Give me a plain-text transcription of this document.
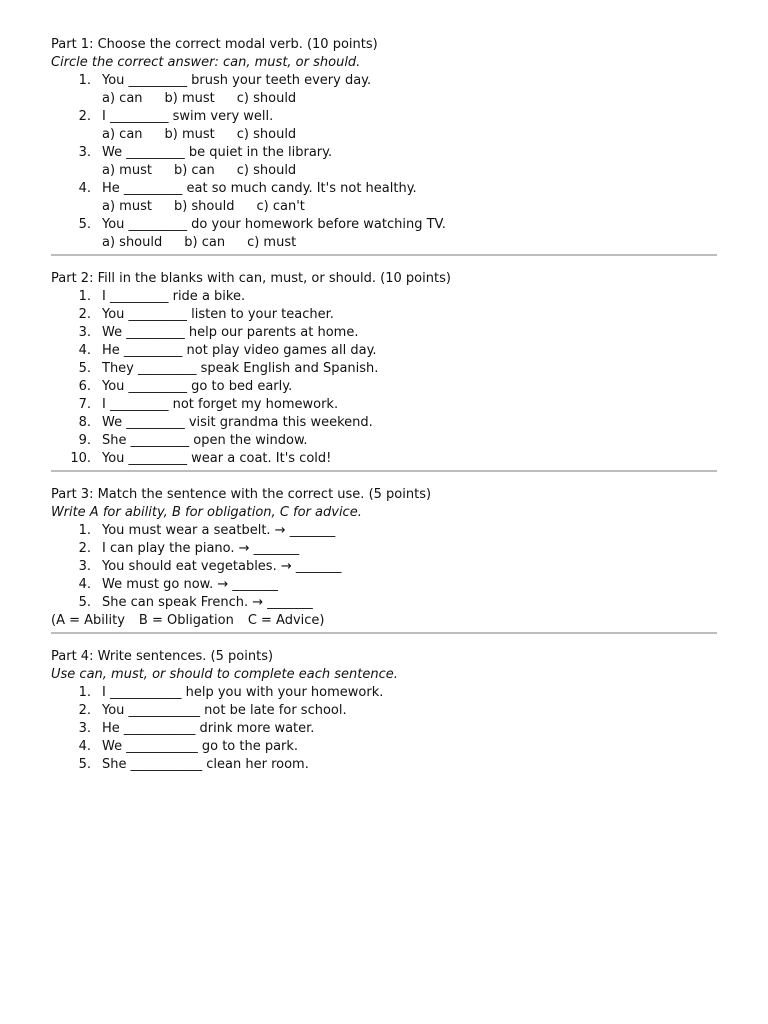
Part 1: Choose the correct modal verb. (10 points)
Circle the correct answer: can, must, or should.
1. You _________ brush your teeth every day.
a) can b) must c) should
2. I _________ swim very well.
a) can b) must c) should
3. We _________ be quiet in the library.
a) must b) can c) should
4. He _________ eat so much candy. It's not healthy.
a) must b) should c) can't
5. You _________ do your homework before watching TV.
a) should b) can c) must
Part 2: Fill in the blanks with can, must, or should. (10 points)
1. I _________ ride a bike.
2. You _________ listen to your teacher.
3. We _________ help our parents at home.
4. He _________ not play video games all day.
5. They _________ speak English and Spanish.
6. You _________ go to bed early.
7. I _________ not forget my homework.
8. We _________ visit grandma this weekend.
9. She _________ open the window.
10. You _________ wear a coat. It's cold!
Part 3: Match the sentence with the correct use. (5 points)
Write A for ability, B for obligation, C for advice.
1. You must wear a seatbelt. → _______
2. I can play the piano. → _______
3. You should eat vegetables. → _______
4. We must go now. → _______
5. She can speak French. → _______
(A = Ability B = Obligation C = Advice)
Part 4: Write sentences. (5 points)
Use can, must, or should to complete each sentence.
1. I ___________ help you with your homework.
2. You ___________ not be late for school.
3. He ___________ drink more water.
4. We ___________ go to the park.
5. She ___________ clean her room.
